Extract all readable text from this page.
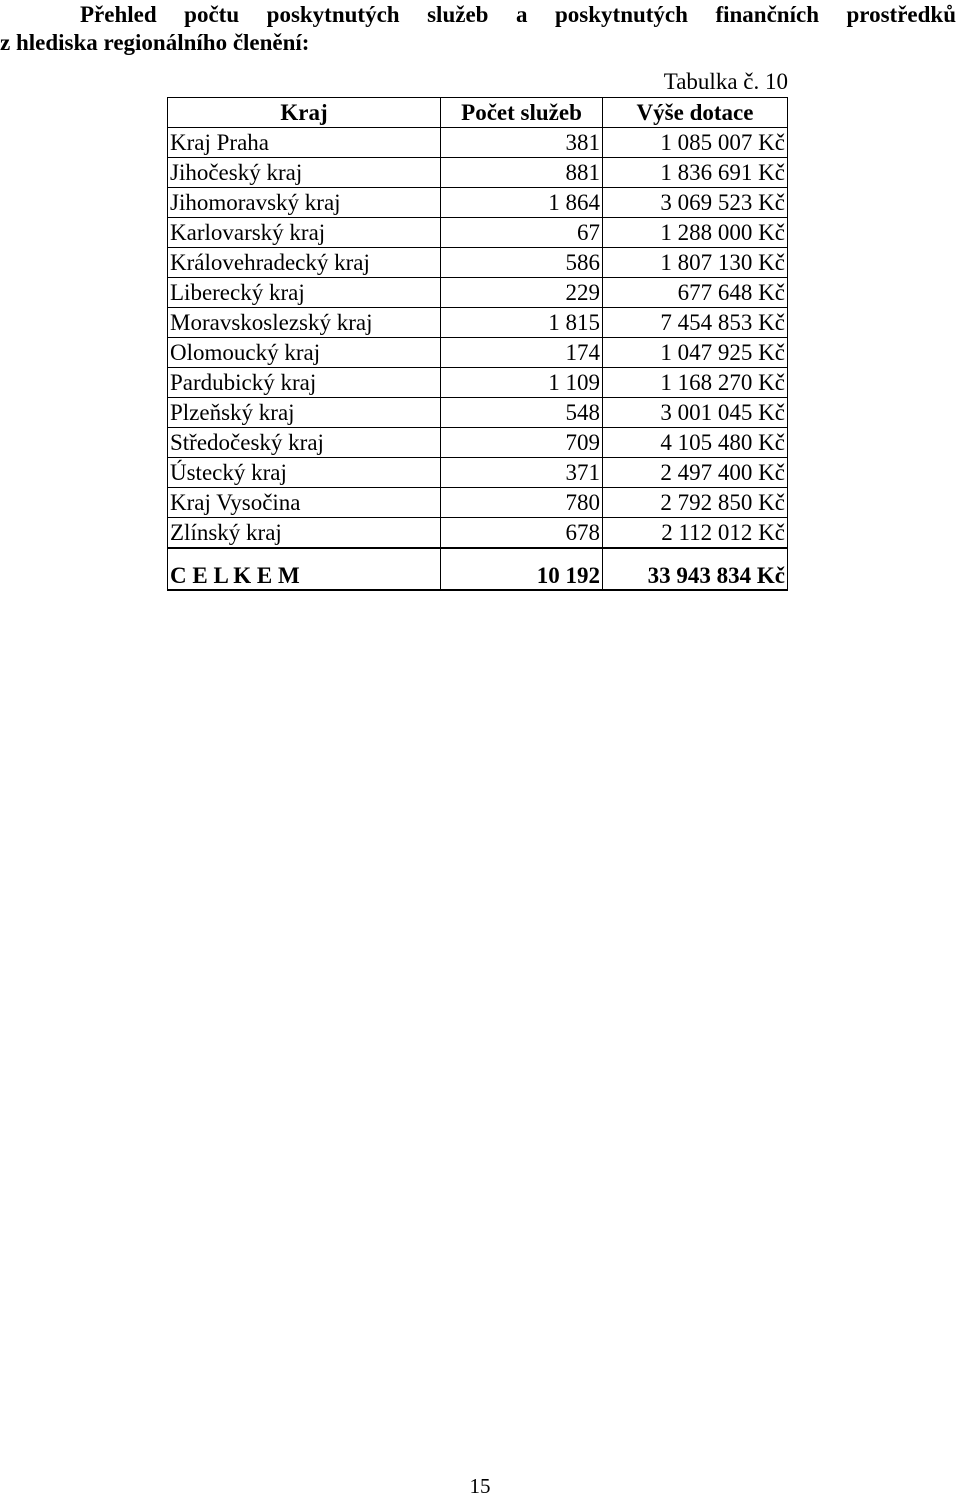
Přehled počtu poskytnutých služeb a poskytnutých finančních prostředků
z hlediska regionálního členění:
Tabulka č. 10
Kraj	Počet služeb	Výše dotace
Kraj Praha	381	1 085 007 Kč
Jihočeský kraj	881	1 836 691 Kč
Jihomoravský kraj	1 864	3 069 523 Kč
Karlovarský kraj	67	1 288 000 Kč
Královehradecký kraj	586	1 807 130 Kč
Liberecký kraj	229	677 648 Kč
Moravskoslezský kraj	1 815	7 454 853 Kč
Olomoucký kraj	174	1 047 925 Kč
Pardubický kraj	1 109	1 168 270 Kč
Plzeňský kraj	548	3 001 045 Kč
Středočeský kraj	709	4 105 480 Kč
Ústecký kraj	371	2 497 400 Kč
Kraj Vysočina	780	2 792 850 Kč
Zlínský kraj	678	2 112 012 Kč
C E L K E M	10 192	33 943 834 Kč
15
